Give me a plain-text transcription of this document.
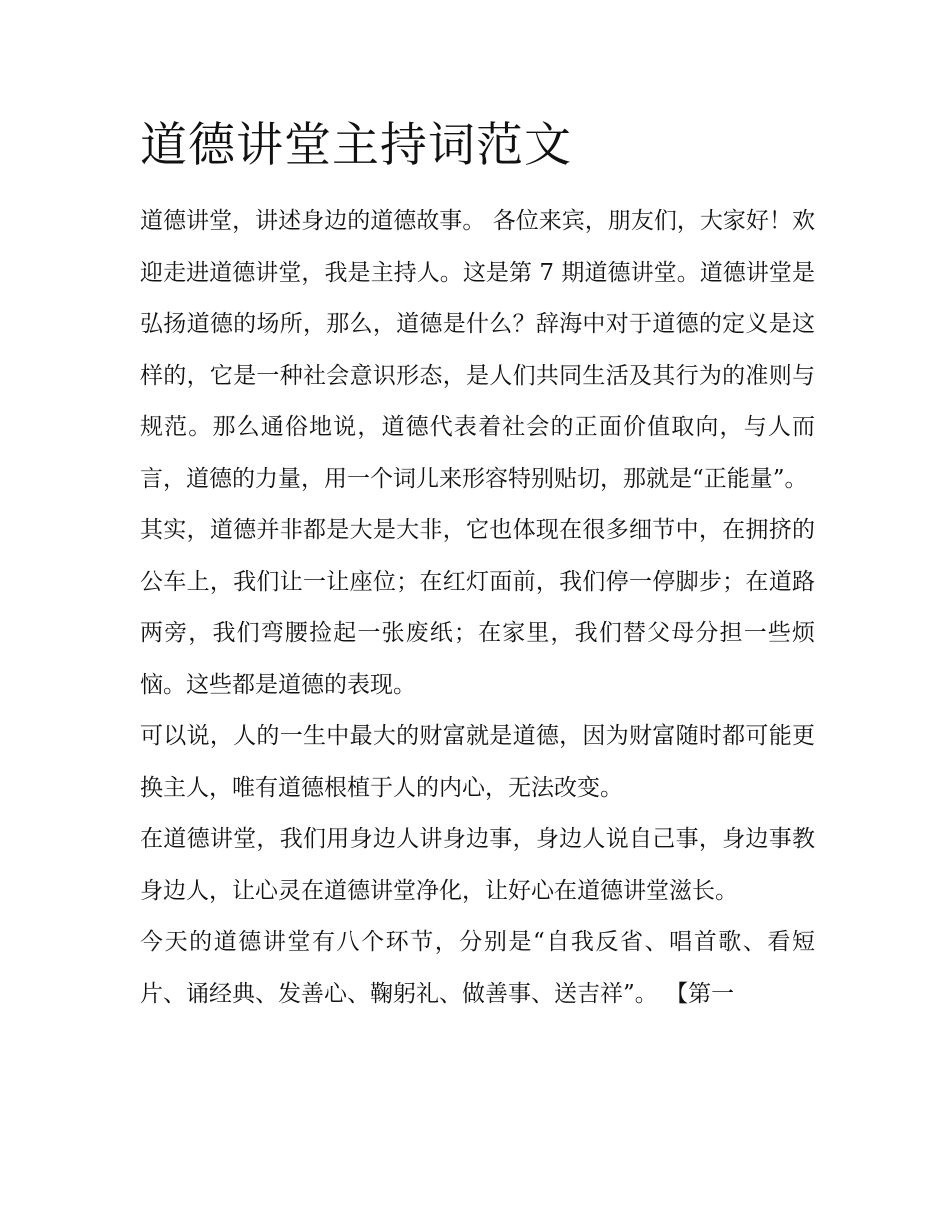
道德讲堂主持词范文

道德讲堂，讲述身边的道德故事。 各位来宾，朋友们，大家好！欢迎走进道德讲堂，我是主持人。这是第 7 期道德讲堂。道德讲堂是弘扬道德的场所，那么，道德是什么？辞海中对于道德的定义是这样的，它是一种社会意识形态，是人们共同生活及其行为的准则与规范。那么通俗地说，道德代表着社会的正面价值取向，与人而言，道德的力量，用一个词儿来形容特别贴切，那就是“正能量”。

其实，道德并非都是大是大非，它也体现在很多细节中，在拥挤的公车上，我们让一让座位；在红灯面前，我们停一停脚步；在道路两旁，我们弯腰捡起一张废纸；在家里，我们替父母分担一些烦恼。这些都是道德的表现。

可以说，人的一生中最大的财富就是道德，因为财富随时都可能更换主人，唯有道德根植于人的内心，无法改变。

在道德讲堂，我们用身边人讲身边事，身边人说自己事，身边事教身边人，让心灵在道德讲堂净化，让好心在道德讲堂滋长。

今天的道德讲堂有八个环节，分别是“自我反省、唱首歌、看短片、诵经典、发善心、鞠躬礼、做善事、送吉祥”。 【第一
